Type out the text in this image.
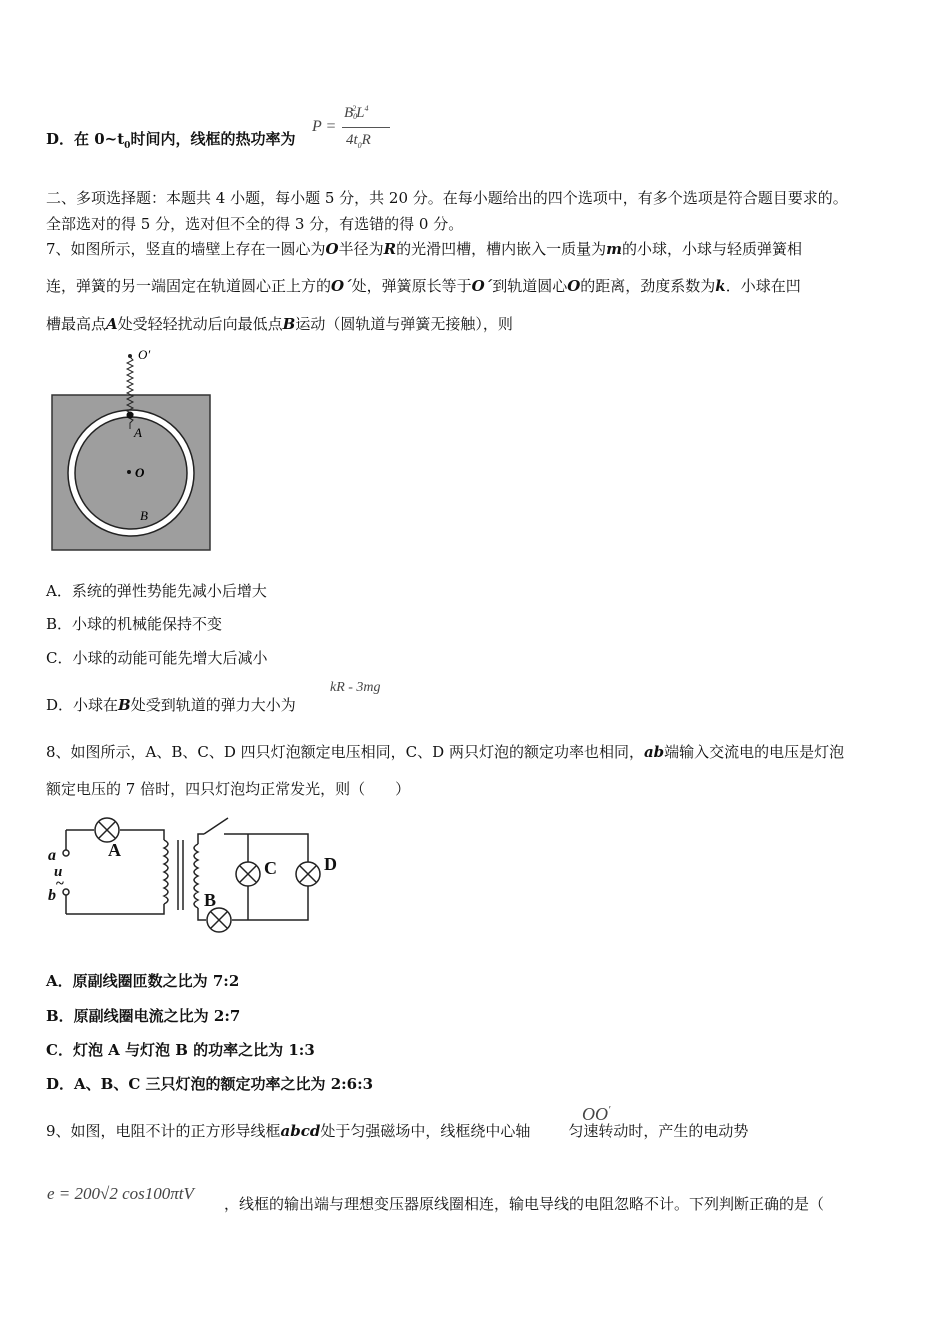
D．在 $0\sim t_0$时间内，线框的热功率为
P =
$B_0^2L^4$
$4t_0R$
二、多项选择题：本题共 4 小题，每小题 5 分，共 20 分。在每小题给出的四个选项中，有多个选项是符合题目要求的。
全部选对的得 5 分，选对但不全的得 3 分，有选错的得 0 分。
7、如图所示，竖直的墙壁上存在一圆心为O半径为R的光滑凹槽，槽内嵌入一质量为m的小球，小球与轻质弹簧相
连，弹簧的另一端固定在轨道圆心正上方的O´处，弹簧原长等于O´到轨道圆心O的距离，劲度系数为k．小球在凹
槽最高点A处受轻轻扰动后向最低点B运动（圆轨道与弹簧无接触），则
O′
A
O
B
A．系统的弹性势能先减小后增大
B．小球的机械能保持不变
C．小球的动能可能先增大后减小
D．小球在B处受到轨道的弹力大小为
kR - 3mg
8、如图所示，A、B、C、D 四只灯泡额定电压相同，C、D 两只灯泡的额定功率也相同，ab端输入交流电的电压是灯泡
额定电压的 7 倍时，四只灯泡均正常发光，则（　　）
a
u
~
b
A
B
C	D
A．原副线圈匝数之比为 7:2
B．原副线圈电流之比为 2:7
C．灯泡 A 与灯泡 B 的功率之比为 1:3
D．A、B、C 三只灯泡的额定功率之比为 2:6:3
9、如图，电阻不计的正方形导线框abcd处于匀强磁场中，线框绕中心轴	匀速转动时，产生的电动势
OO′
e = 200√2 cos100πtV
，线框的输出端与理想变压器原线圈相连，输电导线的电阻忽略不计。下列判断正确的是（
